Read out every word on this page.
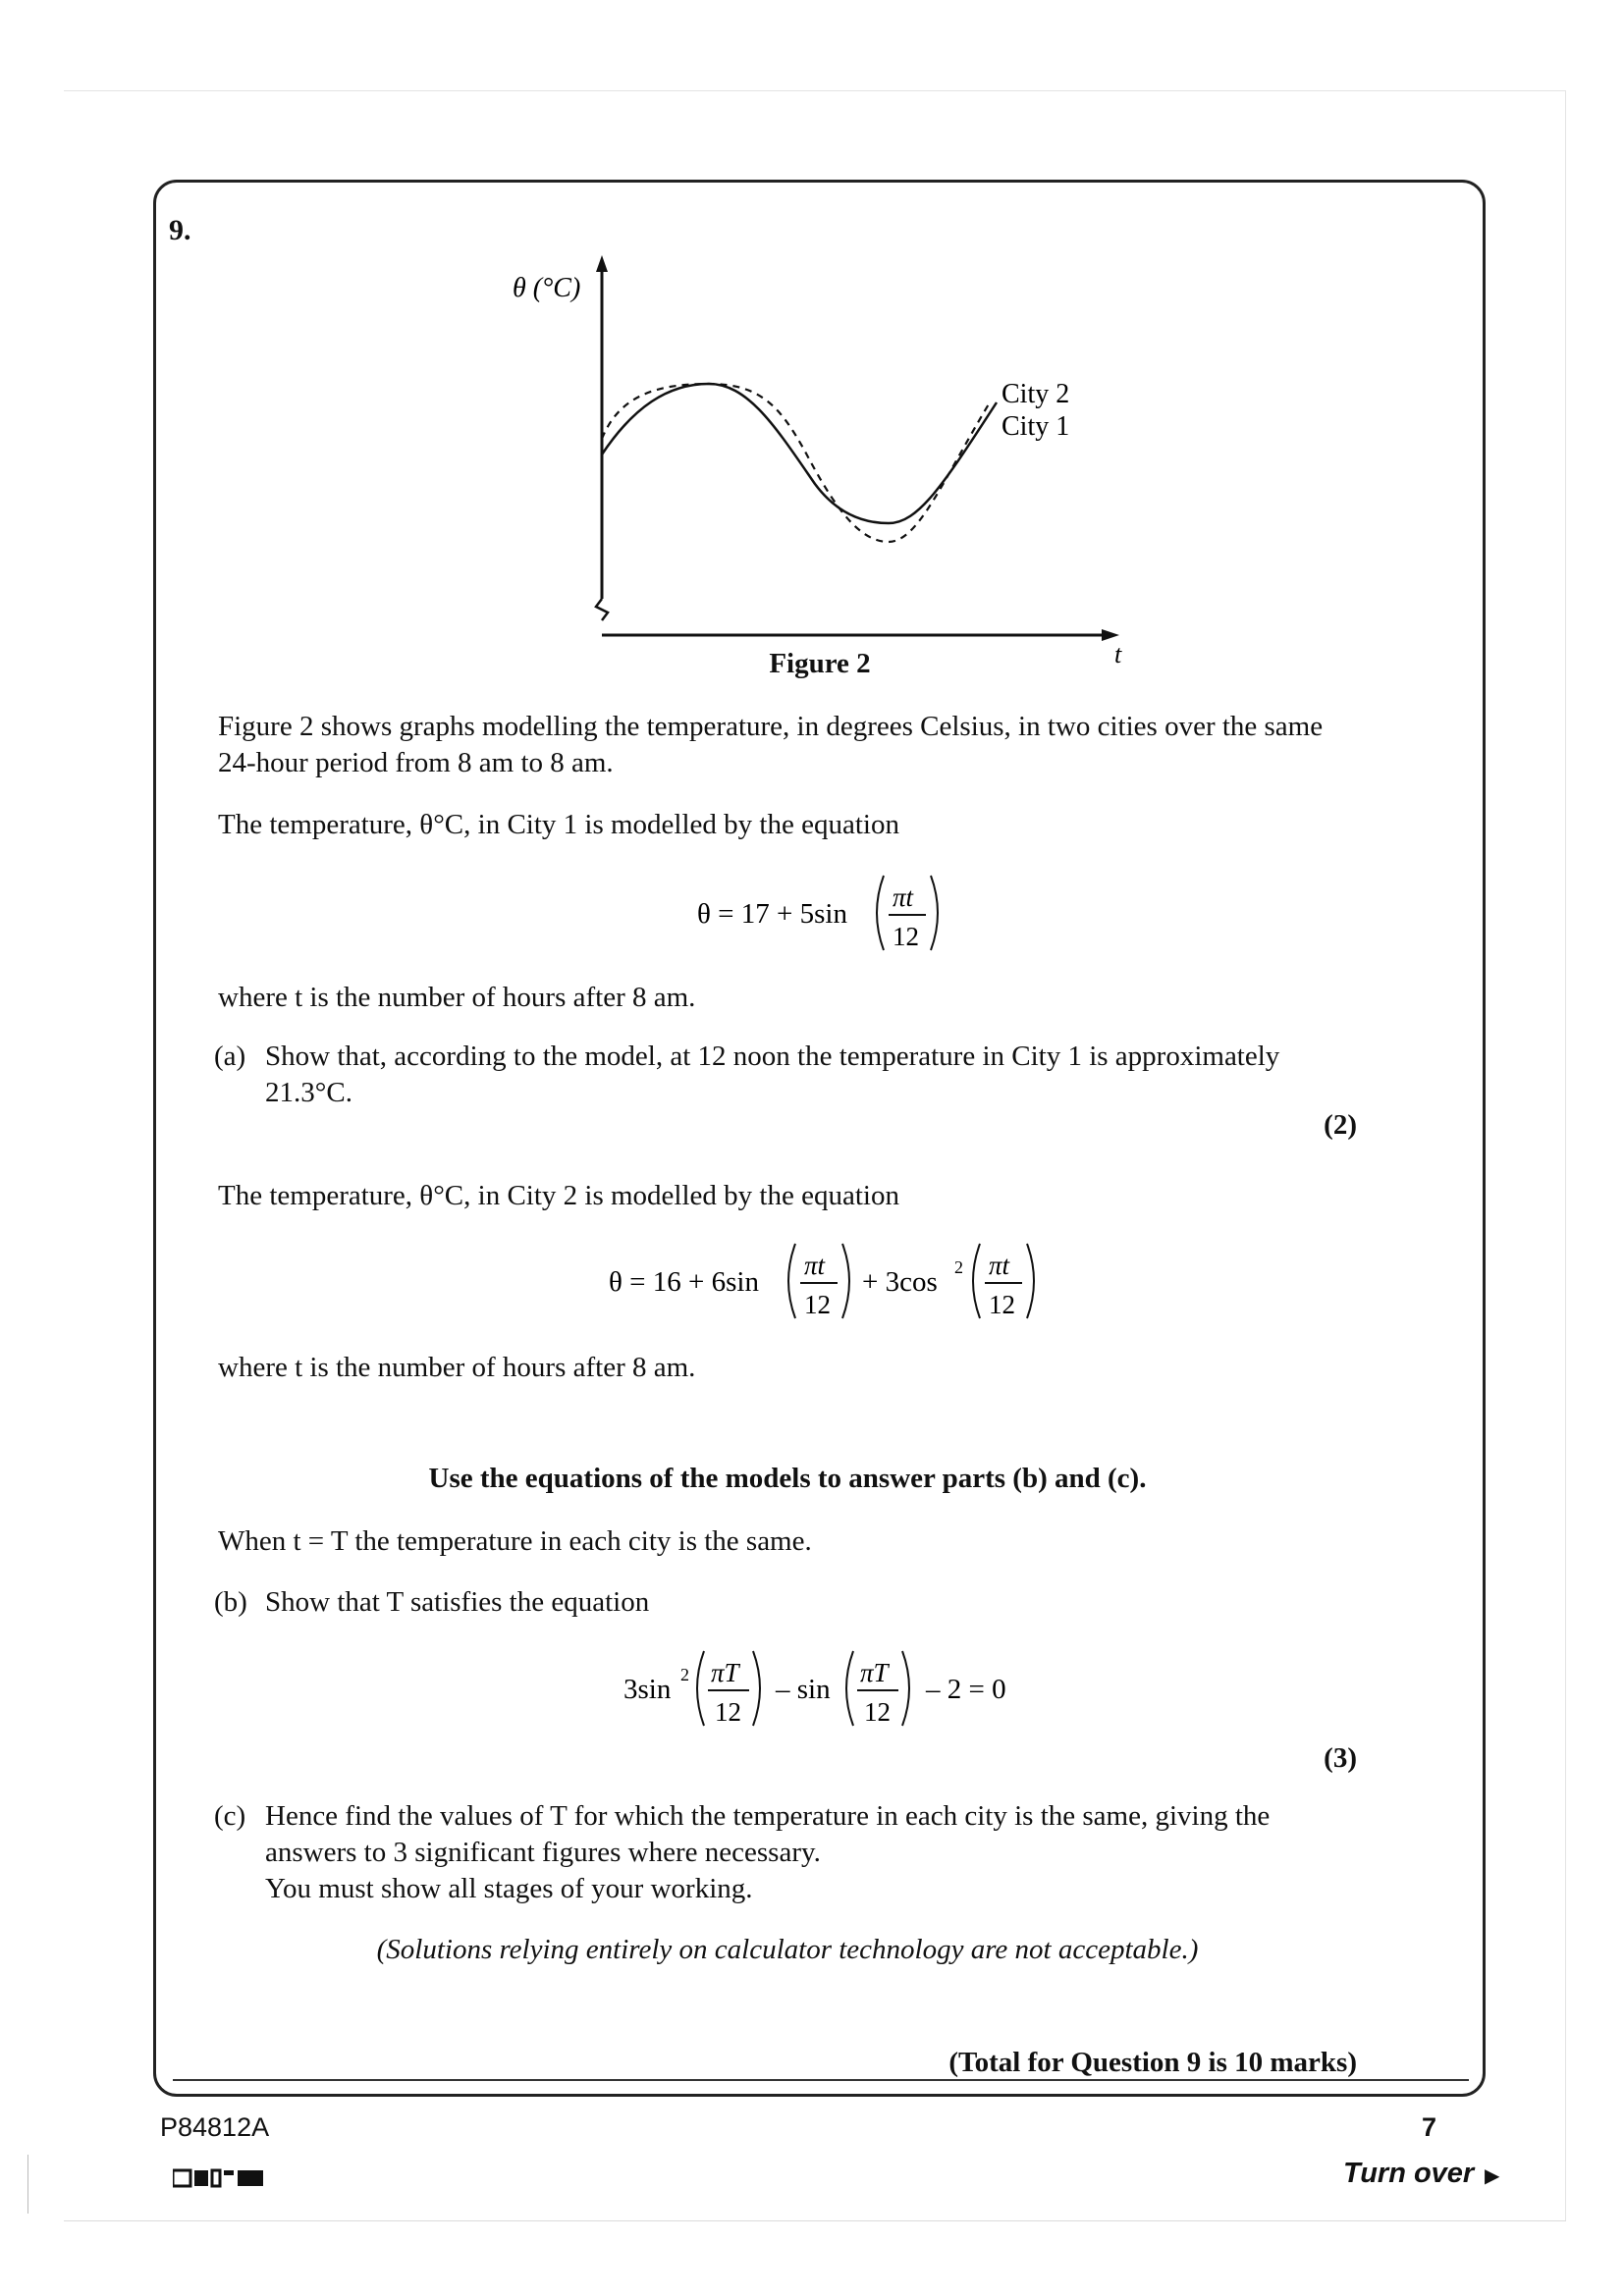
9.
θ (°C)
City 2
City 1
t
Figure 2
Figure 2 shows graphs modelling the temperature, in degrees Celsius, in two cities over the same 24-hour period from 8 am to 8 am.
The temperature, θ°C, in City 1 is modelled by the equation
θ = 17 + 5sin
πt
12
where t is the number of hours after 8 am.
(a) Show that, according to the model, at 12 noon the temperature in City 1 is approximately 21.3°C.
(2)
The temperature, θ°C, in City 2 is modelled by the equation
θ = 16 + 6sin
πt
12
+ 3cos 2 πt
12
where t is the number of hours after 8 am.
Use the equations of the models to answer parts (b) and (c).
When t = T the temperature in each city is the same.
(b) Show that T satisfies the equation
3sin 2 πT
12
– sin
πT
12
– 2 = 0
(3)
(c) Hence find the values of T for which the temperature in each city is the same, giving the answers to 3 significant figures where necessary.
You must show all stages of your working.
(Solutions relying entirely on calculator technology are not acceptable.)
(Total for Question 9 is 10 marks)
P84812A	7
Turn over ▶
